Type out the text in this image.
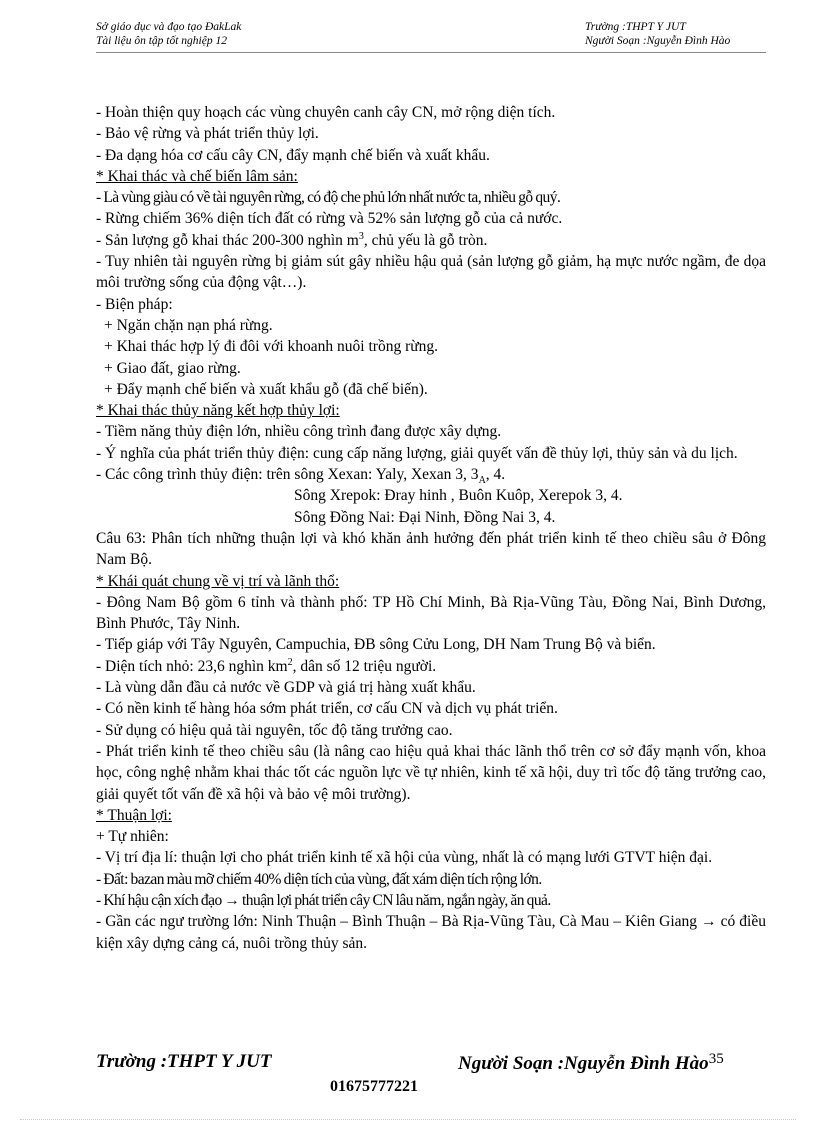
Sở giáo dục và đạo tạo ĐakLak
Tài liệu ôn tập tốt nghiệp 12
Trường :THPT Y JUT
Người Soạn :Nguyễn Đình Hào
- Hoàn thiện quy hoạch các vùng chuyên canh cây CN, mở rộng diện tích.
- Bảo vệ rừng và phát triển thủy lợi.
- Đa dạng hóa cơ cấu cây CN, đẩy mạnh chế biến và xuất khẩu.
* Khai thác và chế biến lâm sản:
- Là vùng giàu có về tài nguyên rừng, có độ che phủ lớn nhất nước ta, nhiều gỗ quý.
- Rừng chiếm 36% diện tích đất có rừng và 52% sản lượng gỗ của cả nước.
- Sản lượng gỗ khai thác 200-300 nghìn $m^3$, chủ yếu là gỗ tròn.
- Tuy nhiên tài nguyên rừng bị giảm sút gây nhiều hậu quả (sản lượng gỗ giảm, hạ mực nước ngầm, đe dọa môi trường sống của động vật…).
- Biện pháp:
+ Ngăn chặn nạn phá rừng.
+ Khai thác hợp lý đi đôi với khoanh nuôi trồng rừng.
+ Giao đất, giao rừng.
+ Đẩy mạnh chế biến và xuất khẩu gỗ (đã chế biến).
* Khai thác thủy năng kết hợp thủy lợi:
- Tiềm năng thủy điện lớn, nhiều công trình đang được xây dựng.
- Ý nghĩa của phát triển thủy điện: cung cấp năng lượng, giải quyết vấn đề thủy lợi, thủy sản và du lịch.
- Các công trình thủy điện: trên sông Xexan: Yaly, Xexan 3, $3_A$, 4.
Sông Xrepok: Đray hinh , Buôn Kuôp, Xerepok 3, 4.
Sông Đồng Nai: Đại Ninh, Đồng Nai 3, 4.
Câu 63: Phân tích những thuận lợi và khó khăn ảnh hưởng đến phát triển kinh tế theo chiều sâu ở Đông Nam Bộ.
* Khái quát chung về vị trí và lãnh thổ:
- Đông Nam Bộ gồm 6 tỉnh và thành phố: TP Hồ Chí Minh, Bà Rịa-Vũng Tàu, Đồng Nai, Bình Dương, Bình Phước, Tây Ninh.
- Tiếp giáp với Tây Nguyên, Campuchia, ĐB sông Cửu Long, DH Nam Trung Bộ và biển.
- Diện tích nhỏ: 23,6 nghìn $km^2$, dân số 12 triệu người.
- Là vùng dẫn đầu cả nước về GDP và giá trị hàng xuất khẩu.
- Có nền kinh tế hàng hóa sớm phát triển, cơ cấu CN và dịch vụ phát triển.
- Sử dụng có hiệu quả tài nguyên, tốc độ tăng trưởng cao.
- Phát triển kinh tế theo chiều sâu (là nâng cao hiệu quả khai thác lãnh thổ trên cơ sở đẩy mạnh vốn, khoa học, công nghệ nhằm khai thác tốt các nguồn lực về tự nhiên, kinh tế xã hội, duy trì tốc độ tăng trưởng cao, giải quyết tốt vấn đề xã hội và bảo vệ môi trường).
* Thuận lợi:
+ Tự nhiên:
- Vị trí địa lí: thuận lợi cho phát triển kinh tế xã hội của vùng, nhất là có mạng lưới GTVT hiện đại.
- Đất: bazan màu mỡ chiếm 40% diện tích của vùng, đất xám diện tích rộng lớn.
- Khí hậu cận xích đạo → thuận lợi phát triển cây CN lâu năm, ngắn ngày, ăn quả.
- Gần các ngư trường lớn: Ninh Thuận – Bình Thuận – Bà Rịa-Vũng Tàu, Cà Mau – Kiên Giang → có điều kiện xây dựng cảng cá, nuôi trồng thủy sản.
Trường :THPT Y JUT	Người Soạn :Nguyễn Đình Hào$^{35}$
01675777221
